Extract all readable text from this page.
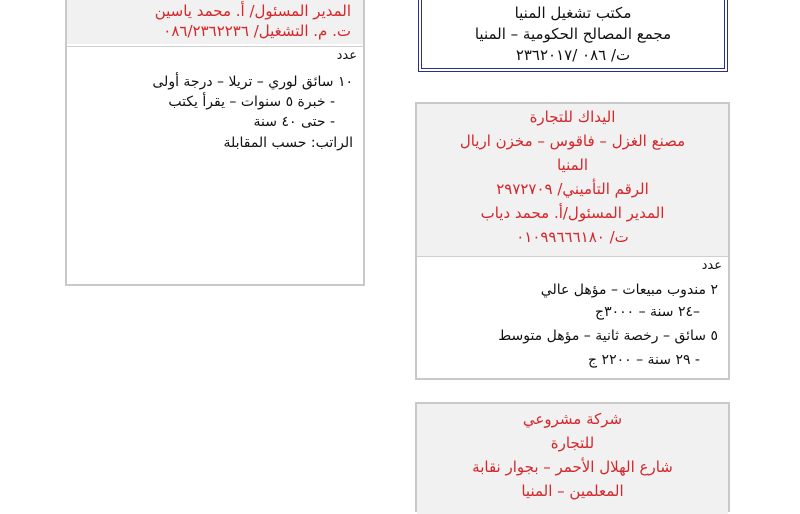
المدير المسئول/ أ. محمد ياسين
ت. م. التشغيل/ ٠٨٦/٢٣٦٢٢٣٦
عدد
١٠ سائق لوري – تريلا – درجة أولى
- خبرة ٥ سنوات – يقرأ يكتب
- حتى ٤٠ سنة
الراتب: حسب المقابلة
مكتب تشغيل المنيا
مجمع المصالح الحكومية – المنيا
ت/ ٠٨٦ /٢٣٦٢٠١٧
اليداك للتجارة
مصنع الغزل – فاقوس – مخزن اريال
المنيا
الرقم التأميني/ ٢٩٧٢٧٠٩
المدير المسئول/أ. محمد دياب
ت/ ٠١٠٩٩٦٦٦١٨٠
عدد
٢ مندوب مبيعات – مؤهل عالي
–٢٤ سنة – ٣٠٠٠ج
٥ سائق – رخصة ثانية – مؤهل متوسط
- ٢٩ سنة – ٢٢٠٠ ج
شركة مشروعي
للتجارة
شارع الهلال الأحمر – بجوار نقابة
المعلمين – المنيا
